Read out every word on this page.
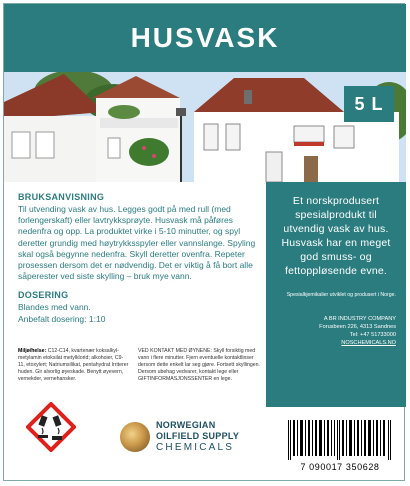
HUSVASK
5 L
BRUKSANVISNING
Til utvending vask av hus. Legges godt på med rull (med forlengerskaft) eller lavtrykksprøyte. Husvask må påføres nedenfra og opp. La produktet virke i 5-10 minutter, og spyl deretter grundig med høytrykksspyler eller vannslange. Spyling skal også begynne nedenfra. Skyll deretter ovenfra. Repeter prosessen dersom det er nødvendig. Det er viktig å få bort alle såperester ved siste skylling – bruk mye vann.
DOSERING
Blandes med vann.
Anbefalt dosering: 1:10
Et norskprodusert spesialprodukt til utvendig vask av hus. Husvask har en meget god smuss- og fettoppløsende evne.
Spesialkjemikalier utviklet og produsert i Norge.
A BR INDUSTRY COMPANY
Forusbeen 226, 4313 Sandnes
Tel: +47 51733000
NOSCHEMICALS.NO
Miljø/helse: C12-C14, kvartenær koksalkyl-metylamin etoksilat metylklorid; alkohoier, C9-11, etoxylert; Natriumsilikat, pentahydrat Irriterer huden. Gir alvorlig øyeskade. Benytt øyevern, vernekder, vernehansker.
VED KONTAKT MED ØYNENE: Skyll forsiktig med vann i flere minutter. Fjern eventuelle kontaktlinser dersom dette enkelt lar seg gjøre. Fortsett skyllingen. Dersom ubehag vedvarer, kontakt lege eller GIFTINFORMASJONSSENTER en lege.
NORWEGIAN
OILFIELD SUPPLY
CHEMICALS
7 090017 350628
